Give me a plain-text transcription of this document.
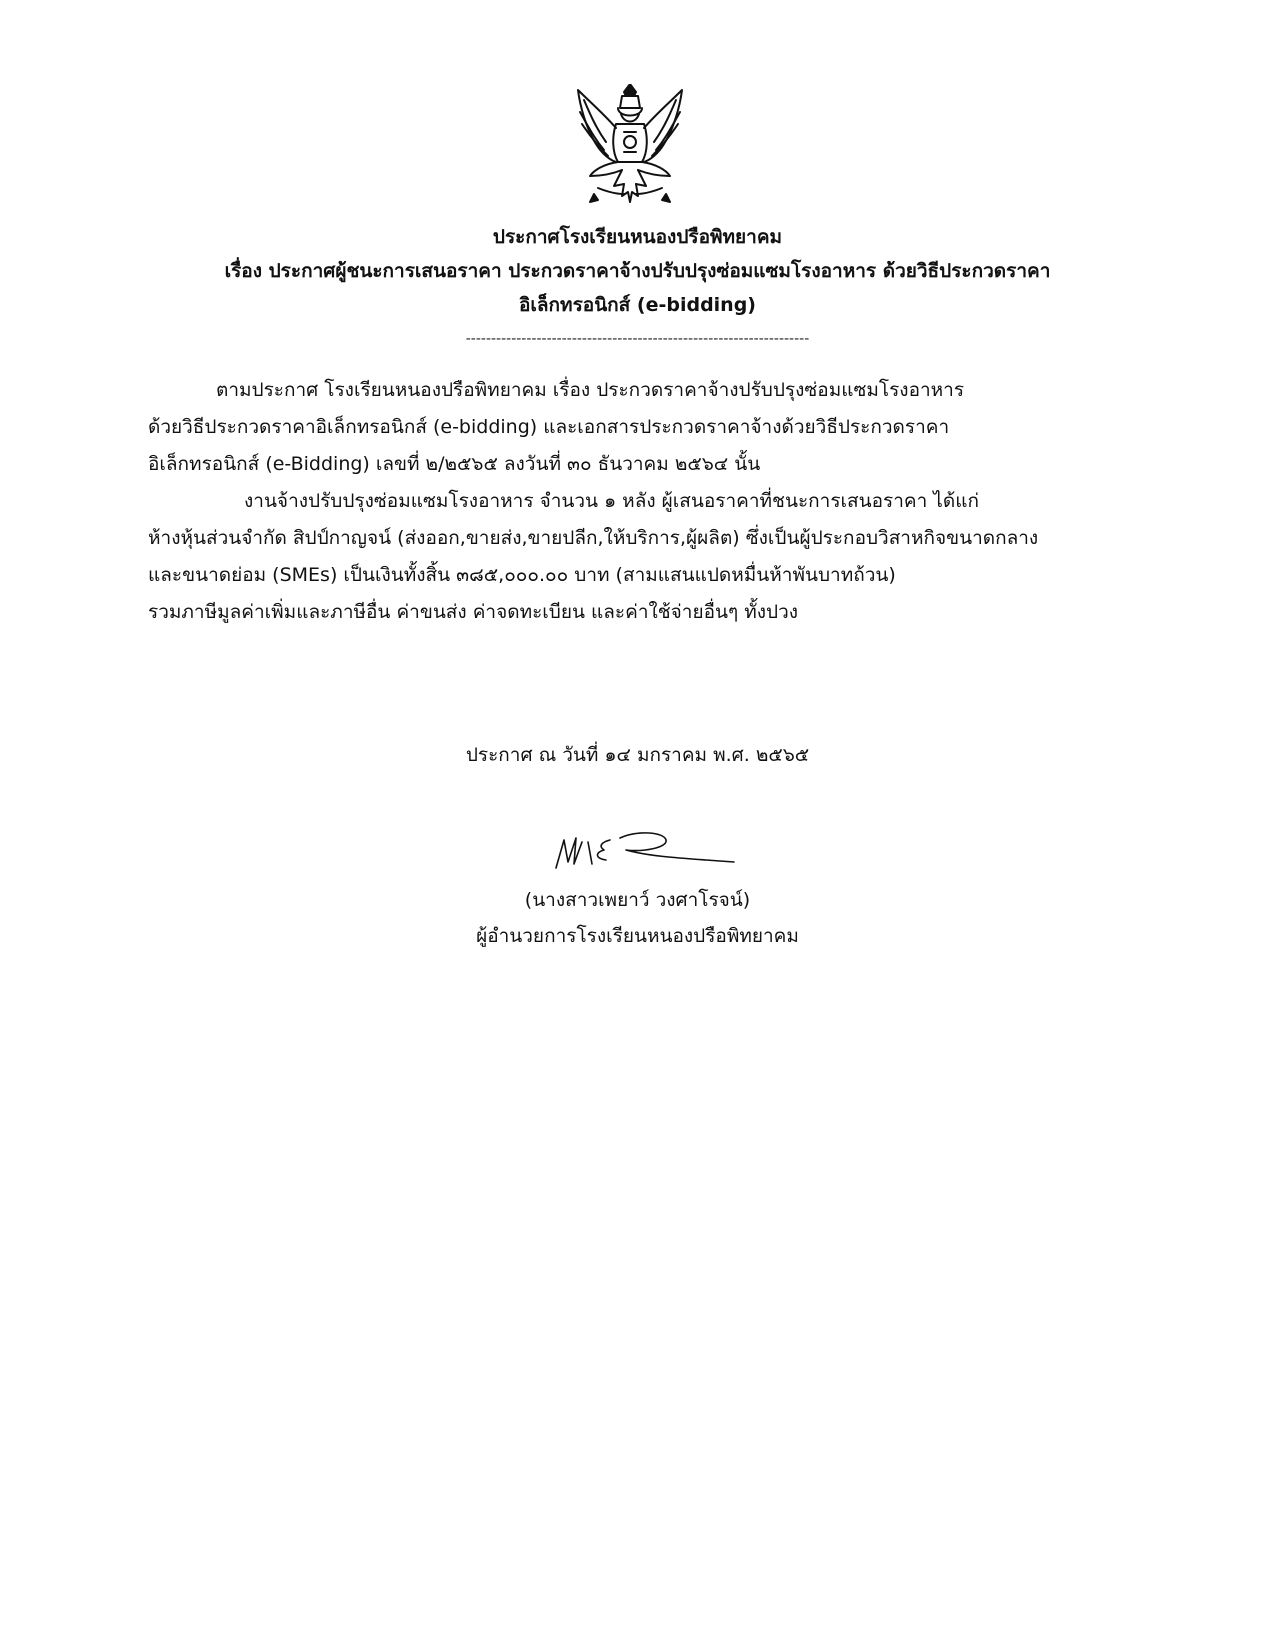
ประกาศโรงเรียนหนองปรือพิทยาคม
เรื่อง ประกาศผู้ชนะการเสนอราคา ประกวดราคาจ้างปรับปรุงซ่อมแซมโรงอาหาร ด้วยวิธีประกวดราคา
อิเล็กทรอนิกส์ (e-bidding)
--------------------------------------------------------------------
ตามประกาศ โรงเรียนหนองปรือพิทยาคม เรื่อง ประกวดราคาจ้างปรับปรุงซ่อมแซมโรงอาหาร
ด้วยวิธีประกวดราคาอิเล็กทรอนิกส์ (e-bidding) และเอกสารประกวดราคาจ้างด้วยวิธีประกวดราคา
อิเล็กทรอนิกส์ (e-Bidding) เลขที่ ๒/๒๕๖๕ ลงวันที่ ๓๐ ธันวาคม ๒๕๖๔ นั้น
งานจ้างปรับปรุงซ่อมแซมโรงอาหาร จำนวน ๑ หลัง ผู้เสนอราคาที่ชนะการเสนอราคา ได้แก่
ห้างหุ้นส่วนจำกัด สิปป์กาญจน์ (ส่งออก,ขายส่ง,ขายปลีก,ให้บริการ,ผู้ผลิต) ซึ่งเป็นผู้ประกอบวิสาหกิจขนาดกลาง
และขนาดย่อม (SMEs) เป็นเงินทั้งสิ้น ๓๘๕,๐๐๐.๐๐ บาท (สามแสนแปดหมื่นห้าพันบาทถ้วน)
รวมภาษีมูลค่าเพิ่มและภาษีอื่น ค่าขนส่ง ค่าจดทะเบียน และค่าใช้จ่ายอื่นๆ ทั้งปวง
ประกาศ ณ วันที่ ๑๔ มกราคม พ.ศ. ๒๕๖๕
(นางสาวเพยาว์ วงศาโรจน์)
ผู้อำนวยการโรงเรียนหนองปรือพิทยาคม
